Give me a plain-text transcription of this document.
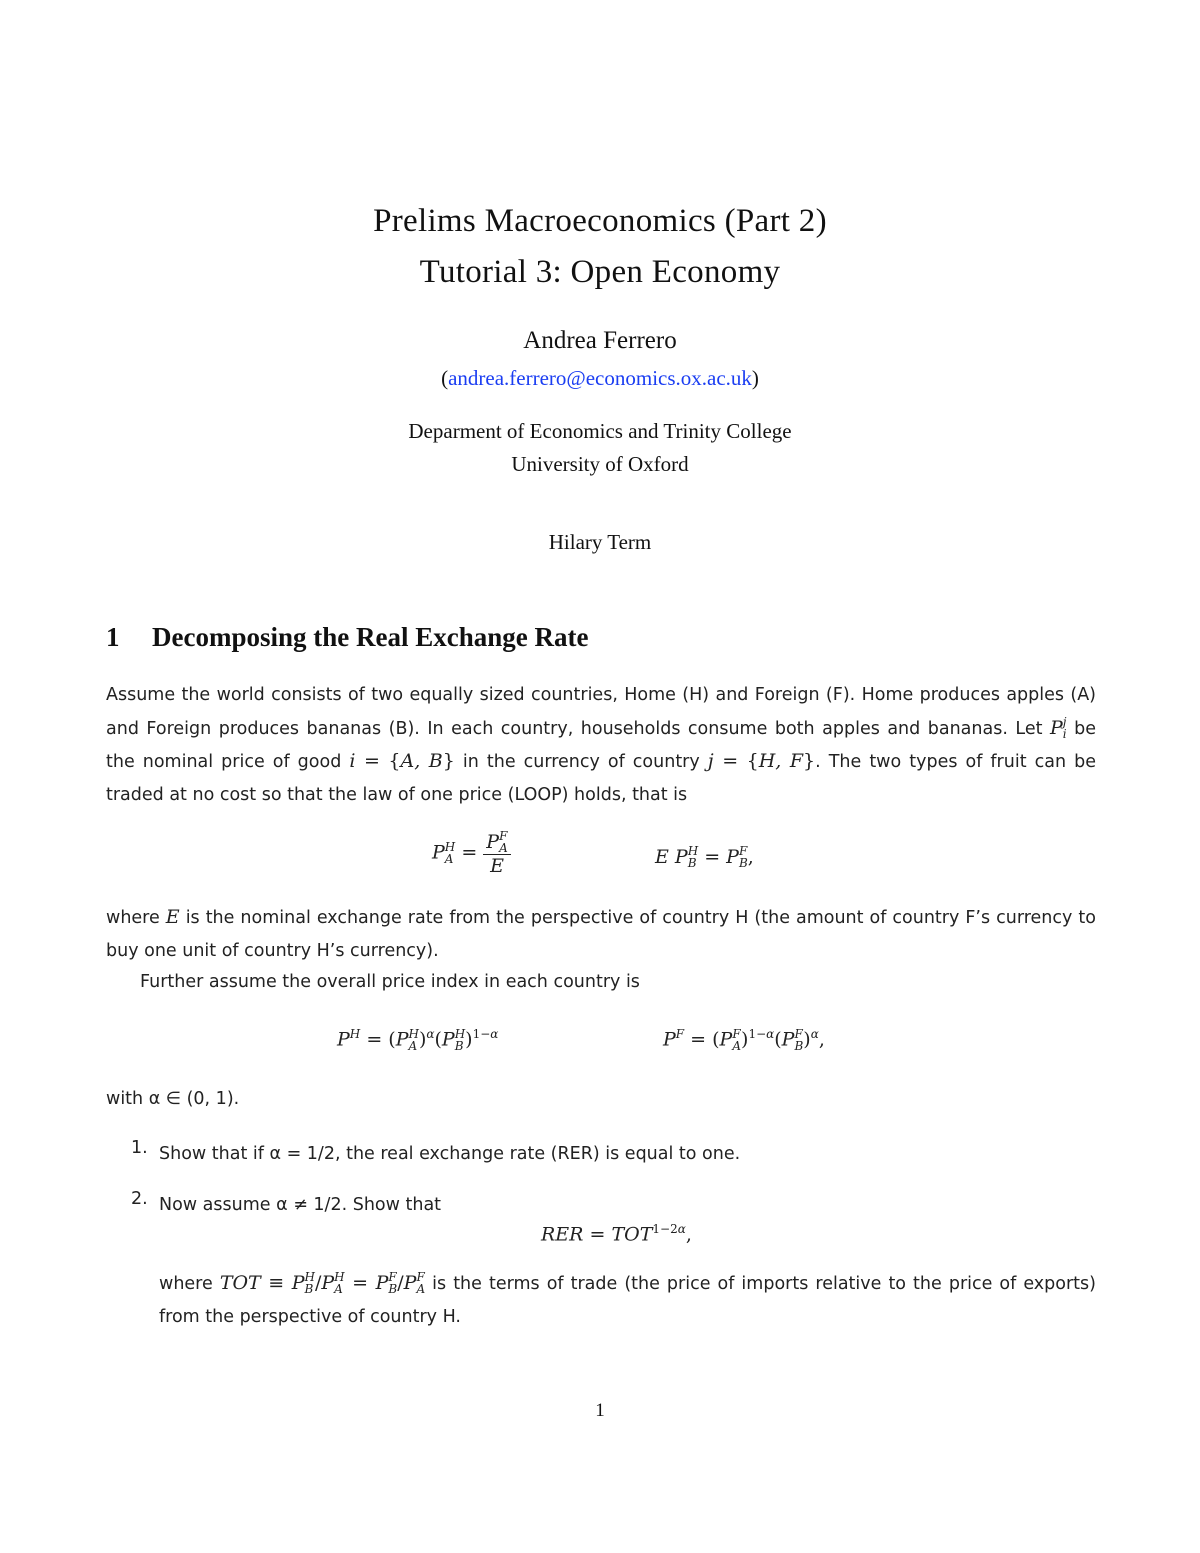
Prelims Macroeconomics (Part 2)
Tutorial 3: Open Economy
Andrea Ferrero
(andrea.ferrero@economics.ox.ac.uk)
Deparment of Economics and Trinity College
University of Oxford
Hilary Term
1 Decomposing the Real Exchange Rate
Assume the world consists of two equally sized countries, Home (H) and Foreign (F). Home produces apples (A) and Foreign produces bananas (B). In each country, households consume both apples and bananas. Let P j
i be the nominal price of good i = {A, B} in the currency of country j = {H, F}. The two types of fruit can be traded at no cost so that the law of one price (LOOP) holds, that is
P H
A = P F
A
E	E P H
B = P F
B ,
where E is the nominal exchange rate from the perspective of country H (the amount of country F’s currency to buy one unit of country H’s currency).
Further assume the overall price index in each country is
$P^H = (P$ H
A )$^\alpha$(P H
B )$^{1-\alpha}$	$P^F = (P$ F
A )$^{1-\alpha}$(P F
B )$^\alpha$,
with α ∈ (0, 1).
1. Show that if α = 1/2, the real exchange rate (RER) is equal to one.
2. Now assume α ≠ 1/2. Show that
RER = $TOT^{1-2\alpha}$,
where TOT ≡ P H
B /P H
A = P F
B /P F
A is the terms of trade (the price of imports relative to the price of exports) from the perspective of country H.
1
